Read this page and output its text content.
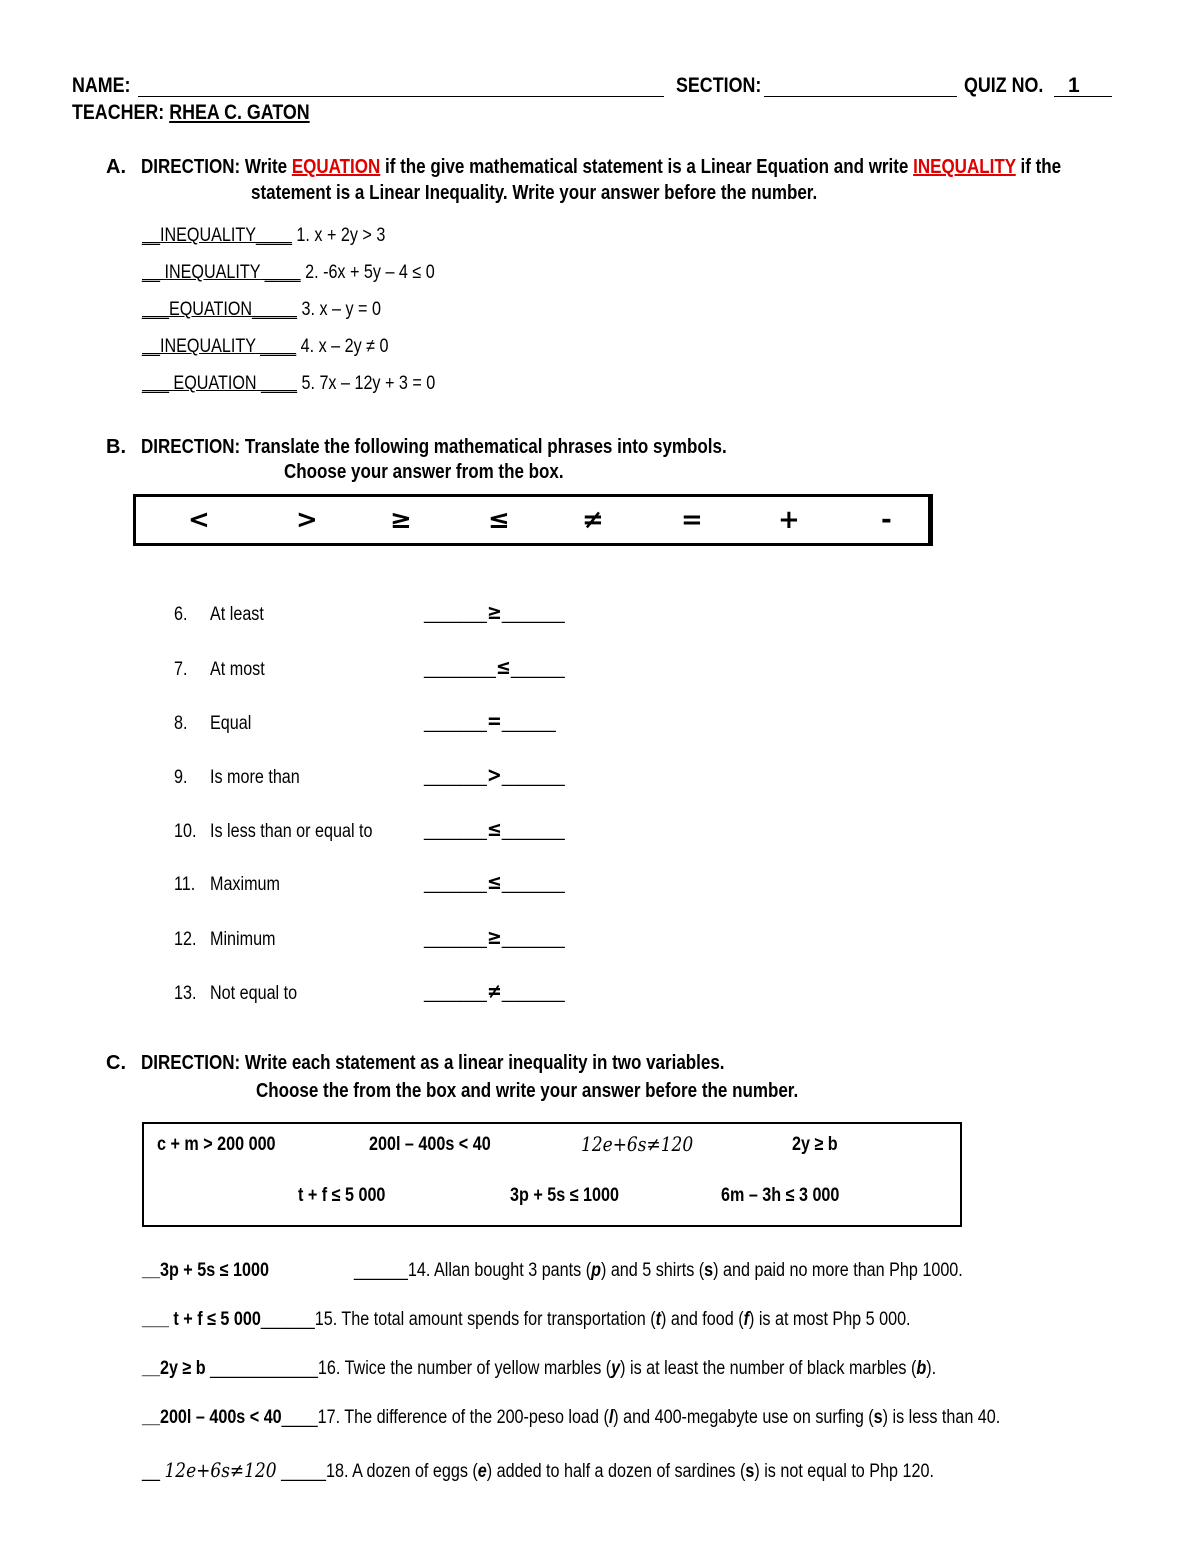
NAME:	SECTION:	QUIZ NO.	1
TEACHER: RHEA C. GATON
A. DIRECTION: Write EQUATION if the give mathematical statement is a Linear Equation and write INEQUALITY if the
statement is a Linear Inequality. Write your answer before the number.
__INEQUALITY____ 1. x + 2y > 3
__ INEQUALITY ____ 2. -6x + 5y – 4 ≤ 0
___EQUATION_____ 3. x – y = 0
__INEQUALITY ____ 4. x – 2y ≠ 0
___ EQUATION ____ 5. 7x – 12y + 3 = 0
B. DIRECTION: Translate the following mathematical phrases into symbols.
Choose your answer from the box.
<	>	≥	≤	≠	=	+	-
6. At least	_______≥_______
7. At most	________≤______
8. Equal	_______=______
9. Is more than	_______>_______
10. Is less than or equal to	_______≤_______
11. Maximum	_______≤_______
12. Minimum	_______≥_______
13. Not equal to	_______≠_______
C. DIRECTION: Write each statement as a linear inequality in two variables.
Choose the from the box and write your answer before the number.
c + m > 200 000	200l – 400s < 40	12e+6s≠120	2y ≥ b
t + f ≤ 5 000	3p + 5s ≤ 1000	6m – 3h ≤ 3 000
__3p + 5s ≤ 1000	______14. Allan bought 3 pants (p) and 5 shirts (s) and paid no more than Php 1000.
___ t + f ≤ 5 000______15. The total amount spends for transportation (t) and food (f) is at most Php 5 000.
__2y ≥ b ____________16. Twice the number of yellow marbles (y) is at least the number of black marbles (b).
__200l – 400s < 40____17. The difference of the 200-peso load (l) and 400-megabyte use on surfing (s) is less than 40.
__ 12e+6s≠120 _____18. A dozen of eggs (e) added to half a dozen of sardines (s) is not equal to Php 120.
